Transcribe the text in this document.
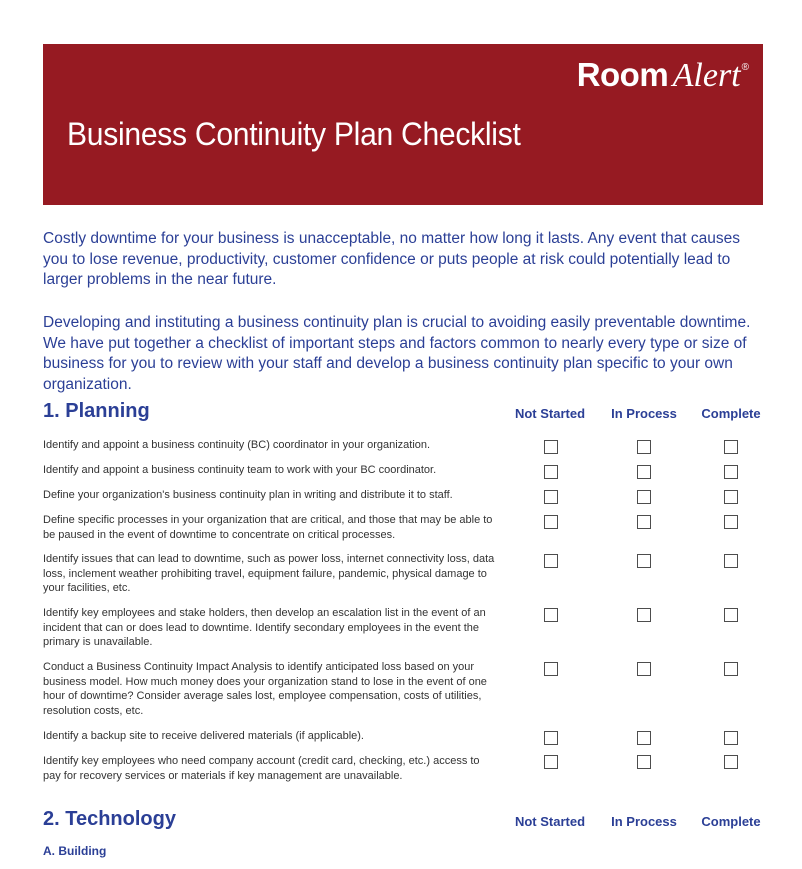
Room Alert®
Business Continuity Plan Checklist

Costly downtime for your business is unacceptable, no matter how long it lasts. Any event that causes you to lose revenue, productivity, customer confidence or puts people at risk could potentially lead to larger problems in the near future.

Developing and instituting a business continuity plan is crucial to avoiding easily preventable downtime. We have put together a checklist of important steps and factors common to nearly every type or size of business for you to review with your staff and develop a business continuity plan specific to your own organization.

1. Planning	Not Started	In Process	Complete
Identify and appoint a business continuity (BC) coordinator in your organization.
Identify and appoint a business continuity team to work with your BC coordinator.
Define your organization's business continuity plan in writing and distribute it to staff.
Define specific processes in your organization that are critical, and those that may be able to be paused in the event of downtime to concentrate on critical processes.
Identify issues that can lead to downtime, such as power loss, internet connectivity loss, data loss, inclement weather prohibiting travel, equipment failure, pandemic, physical damage to your facilities, etc.
Identify key employees and stake holders, then develop an escalation list in the event of an incident that can or does lead to downtime. Identify secondary employees in the event the primary is unavailable.
Conduct a Business Continuity Impact Analysis to identify anticipated loss based on your business model. How much money does your organization stand to lose in the event of one hour of downtime? Consider average sales lost, employee compensation, costs of utilities, resolution costs, etc.
Identify a backup site to receive delivered materials (if applicable).
Identify key employees who need company account (credit card, checking, etc.) access to pay for recovery services or materials if key management are unavailable.
2. Technology	Not Started	In Process	Complete
A. Building
